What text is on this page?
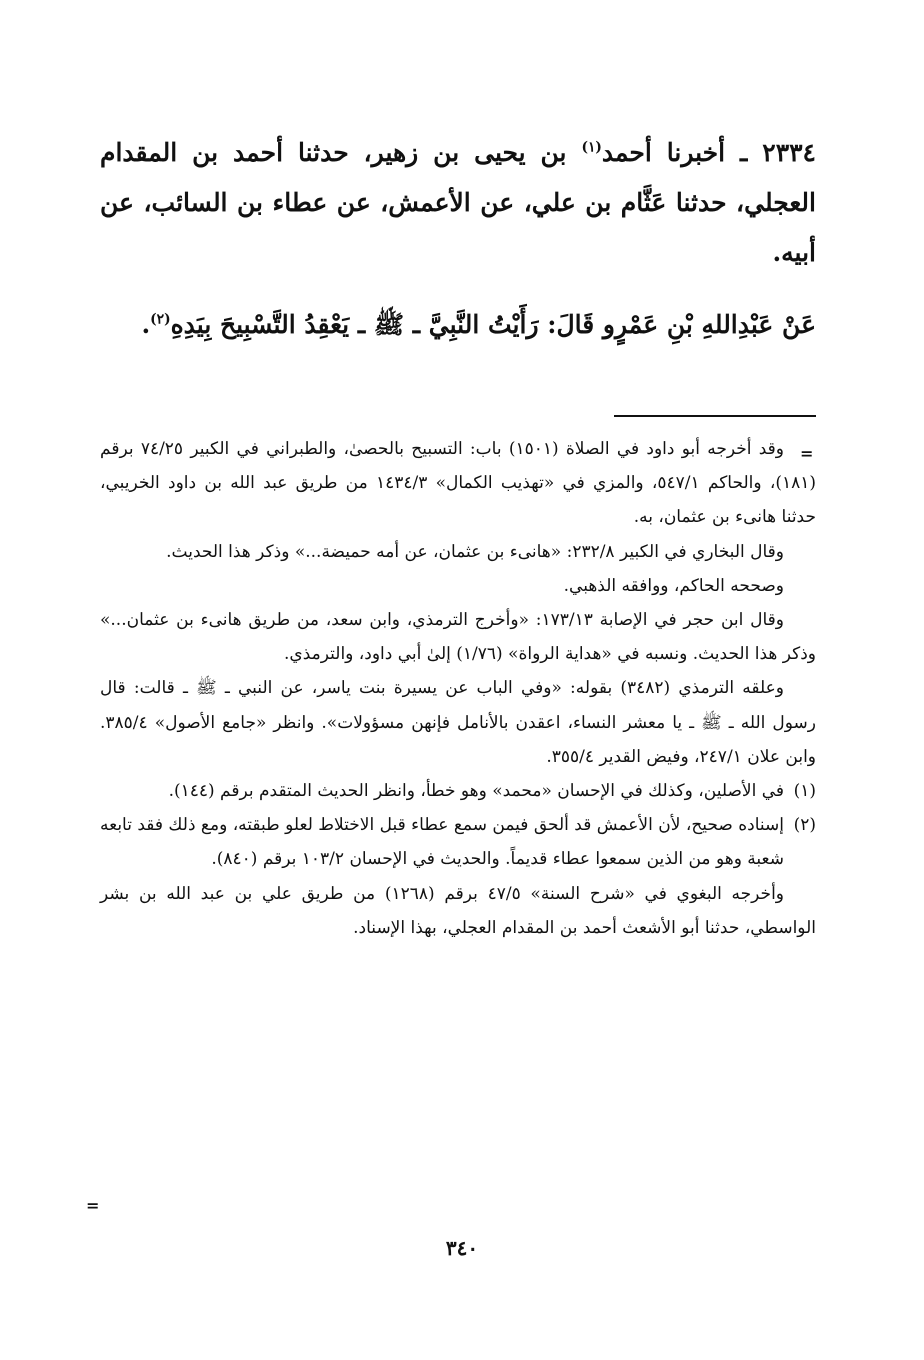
٢٣٣٤ ـ أخبرنا أحمد$^{(١)}$ بن يحيى بن زهير، حدثنا أحمد بن المقدام العجلي، حدثنا عَثَّام بن علي، عن الأعمش، عن عطاء بن السائب، عن أبيه.
عَنْ عَبْدِاللهِ بْنِ عَمْرٍو قَالَ: رَأَيْتُ النَّبِيَّ ـ ﷺ ـ يَعْقِدُ التَّسْبِيحَ بِيَدِهِ$^{(٢)}$.
=

وقد أخرجه أبو داود في الصلاة (١٥٠١) باب: التسبيح بالحصىٰ، والطبراني في الكبير ٧٤/٢٥ برقم (١٨١)، والحاكم ٥٤٧/١، والمزي في «تهذيب الكمال» ١٤٣٤/٣ من طريق عبد الله بن داود الخريبي، حدثنا هانىء بن عثمان، به.

وقال البخاري في الكبير ٢٣٢/٨: «هانىء بن عثمان، عن أمه حميضة...» وذكر هذا الحديث.

وصححه الحاكم، ووافقه الذهبي.

وقال ابن حجر في الإصابة ١٧٣/١٣: «وأخرج الترمذي، وابن سعد، من طريق هانىء بن عثمان...» وذكر هذا الحديث. ونسبه في «هداية الرواة» (١/٧٦) إلىٰ أبي داود، والترمذي.

وعلقه الترمذي (٣٤٨٢) بقوله: «وفي الباب عن يسيرة بنت ياسر، عن النبي ـ ﷺ ـ قالت: قال رسول الله ـ ﷺ ـ يا معشر النساء، اعقدن بالأنامل فإنهن مسؤولات». وانظر «جامع الأصول» ٣٨٥/٤. وابن علان ٢٤٧/١، وفيض القدير ٣٥٥/٤.

(١)
في الأصلين، وكذلك في الإحسان «محمد» وهو خطأ، وانظر الحديث المتقدم برقم (١٤٤).
(٢)
إسناده صحيح، لأن الأعمش قد ألحق فيمن سمع عطاء قبل الاختلاط لعلو طبقته، ومع ذلك فقد تابعه شعبة وهو من الذين سمعوا عطاء قديماً. والحديث في الإحسان ١٠٣/٢ برقم (٨٤٠).

وأخرجه البغوي في «شرح السنة» ٤٧/٥ برقم (١٢٦٨) من طريق علي بن عبد الله بن بشر الواسطي، حدثنا أبو الأشعث أحمد بن المقدام العجلي، بهذا الإسناد.

=
٣٤٠
